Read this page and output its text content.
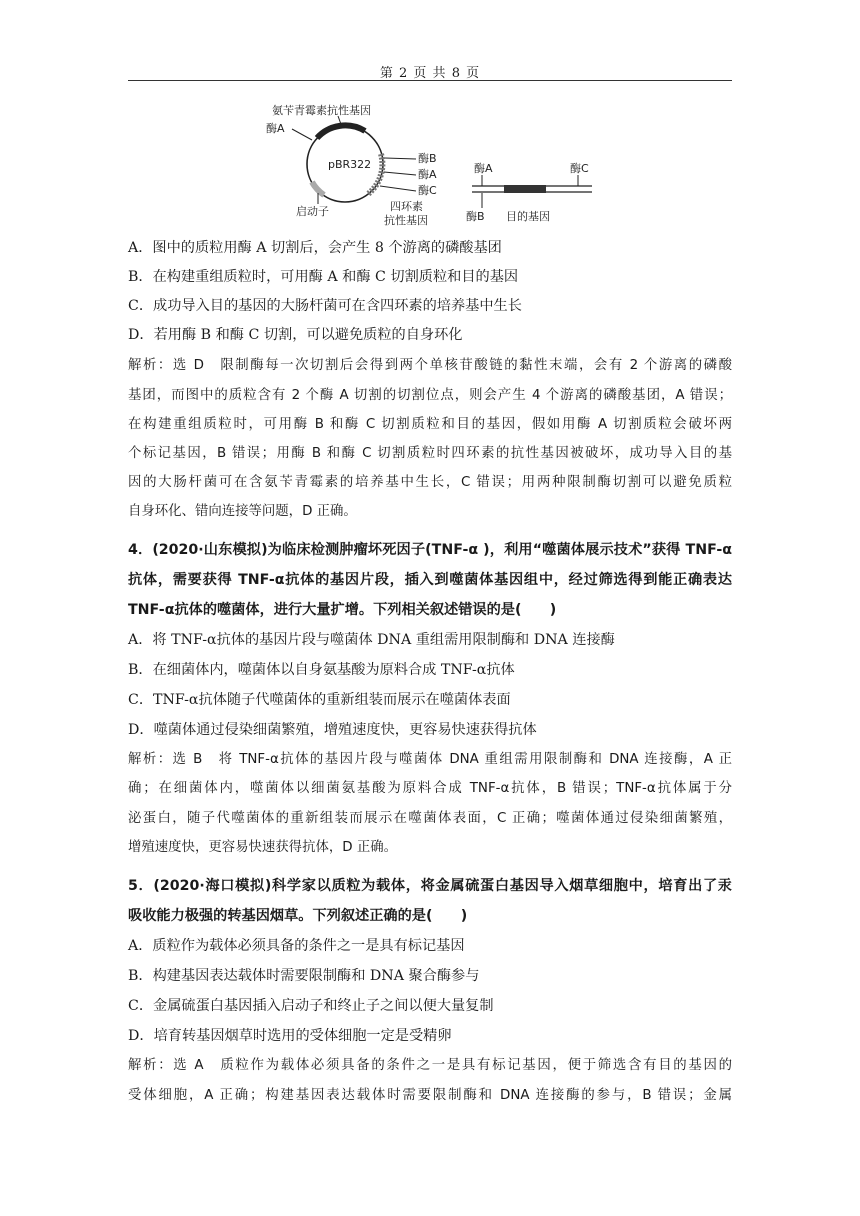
第 2 页 共 8 页
氨苄青霉素抗性基因
酶A
pBR322	酶B
酶A
酶C
启动子	四环素
抗性基因
酶A	酶C
酶B 目的基因
A．图中的质粒用酶 A 切割后，会产生 8 个游离的磷酸基团
B．在构建重组质粒时，可用酶 A 和酶 C 切割质粒和目的基因
C．成功导入目的基因的大肠杆菌可在含四环素的培养基中生长
D．若用酶 B 和酶 C 切割，可以避免质粒的自身环化
解析：选 D　限制酶每一次切割后会得到两个单核苷酸链的黏性末端，会有 2 个游离的磷酸
基团，而图中的质粒含有 2 个酶 A 切割的切割位点，则会产生 4 个游离的磷酸基团，A 错误；
在构建重组质粒时，可用酶 B 和酶 C 切割质粒和目的基因，假如用酶 A 切割质粒会破坏两
个标记基因，B 错误；用酶 B 和酶 C 切割质粒时四环素的抗性基因被破坏，成功导入目的基
因的大肠杆菌可在含氨苄青霉素的培养基中生长，C 错误；用两种限制酶切割可以避免质粒
自身环化、错向连接等问题，D 正确。
4．(2020·山东模拟)为临床检测肿瘤坏死因子(TNF-α )，利用“噬菌体展示技术”获得 TNF-α
抗体，需要获得 TNF-α抗体的基因片段，插入到噬菌体基因组中，经过筛选得到能正确表达
TNF-α抗体的噬菌体，进行大量扩增。下列相关叙述错误的是(　　)
A．将 TNF-α抗体的基因片段与噬菌体 DNA 重组需用限制酶和 DNA 连接酶
B．在细菌体内，噬菌体以自身氨基酸为原料合成 TNF-α抗体
C．TNF-α抗体随子代噬菌体的重新组装而展示在噬菌体表面
D．噬菌体通过侵染细菌繁殖，增殖速度快，更容易快速获得抗体
解析：选 B　将 TNF-α抗体的基因片段与噬菌体 DNA 重组需用限制酶和 DNA 连接酶，A 正
确；在细菌体内，噬菌体以细菌氨基酸为原料合成 TNF-α抗体，B 错误；TNF-α抗体属于分
泌蛋白，随子代噬菌体的重新组装而展示在噬菌体表面，C 正确；噬菌体通过侵染细菌繁殖，
增殖速度快，更容易快速获得抗体，D 正确。
5．(2020·海口模拟)科学家以质粒为载体，将金属硫蛋白基因导入烟草细胞中，培育出了汞
吸收能力极强的转基因烟草。下列叙述正确的是(　　)
A．质粒作为载体必须具备的条件之一是具有标记基因
B．构建基因表达载体时需要限制酶和 DNA 聚合酶参与
C．金属硫蛋白基因插入启动子和终止子之间以便大量复制
D．培育转基因烟草时选用的受体细胞一定是受精卵
解析：选 A　质粒作为载体必须具备的条件之一是具有标记基因，便于筛选含有目的基因的
受体细胞，A 正确；构建基因表达载体时需要限制酶和 DNA 连接酶的参与，B 错误；金属
